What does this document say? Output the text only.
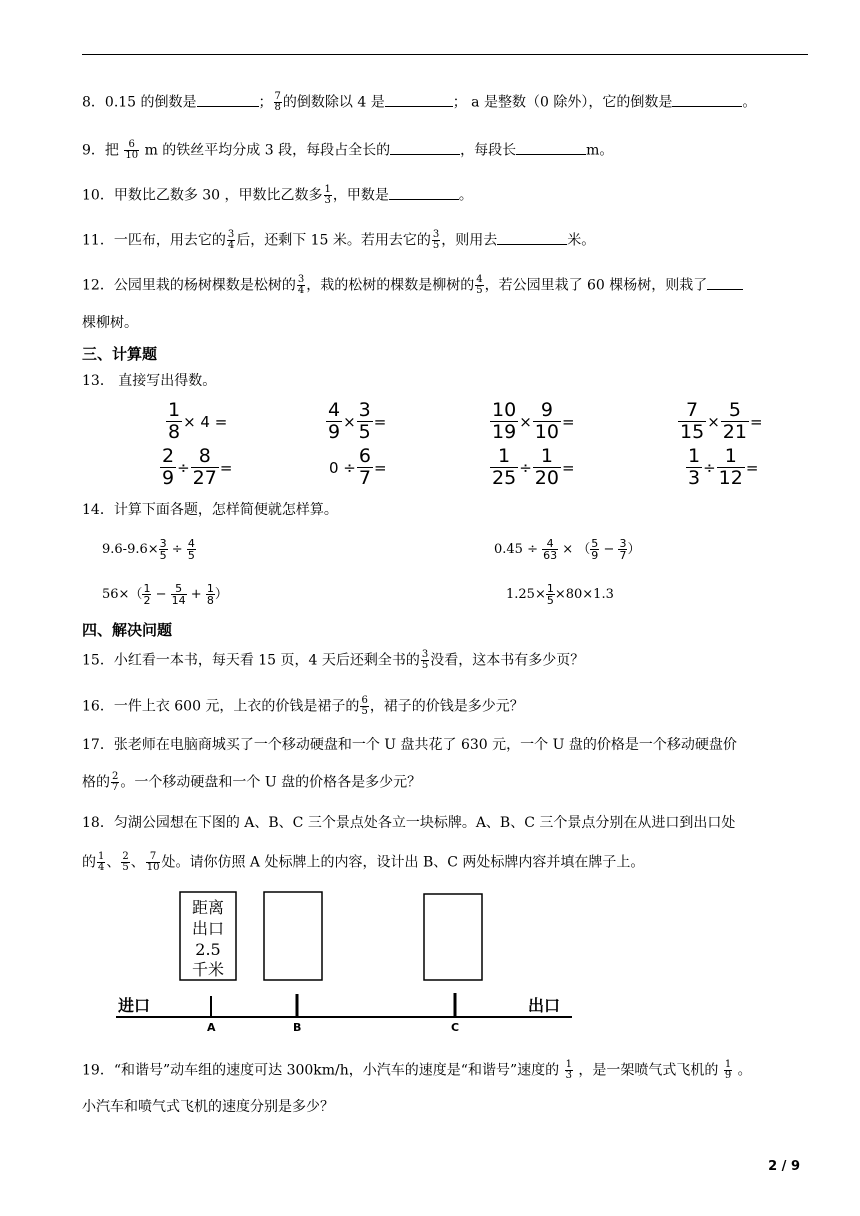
8．0.15 的倒数是	； $\frac{7}{8}$ 的倒数除以 4 是	； a 是整数（0 除外），它的倒数是	。
9．把 $\frac{6}{10}$ m 的铁丝平均分成 3 段，每段占全长的	，每段长	m。
10．甲数比乙数多 30 ，甲数比乙数多 $\frac{1}{3}$ ，甲数是	。
11．一匹布，用去它的 $\frac{3}{4}$ 后，还剩下 15 米。若用去它的 $\frac{3}{5}$ ，则用去	米。
12．公园里栽的杨树棵数是松树的 $\frac{3}{4}$ ，栽的松树的棵数是柳树的 $\frac{4}{5}$ ，若公园里栽了 60 棵杨树，则栽了
棵柳树。
三、计算题
13． 直接写出得数。
$\frac{1}{8} \times 4$ =	$\frac{4}{9} \times \frac{3}{5}$ =	$\frac{10}{19} \times \frac{9}{10}$ =	$\frac{7}{15} \times \frac{5}{21}$ =
$\frac{2}{9} \div \frac{8}{27}$ =	$0 \div \frac{6}{7}$ =	$\frac{1}{25} \div \frac{1}{20}$ =	$\frac{1}{3} \div \frac{1}{12}$ =
14．计算下面各题，怎样简便就怎样算。
$9.6-9.6\times \frac{3}{5} \div \frac{4}{5}$	$0.45 \div \frac{4}{63}$ × （ $\frac{5}{9} - \frac{3}{7}$ ）
$56\times( \frac{1}{2} - \frac{5}{14} + \frac{1}{8}$ ）	$1.25\times \frac{1}{5} \times 80\times 1.3$
四、解决问题
15．小红看一本书，每天看 15 页，4 天后还剩全书的 $\frac{3}{5}$ 没看，这本书有多少页？
16．一件上衣 600 元，上衣的价钱是裙子的 $\frac{6}{5}$ ，裙子的价钱是多少元？
17．张老师在电脑商城买了一个移动硬盘和一个 U 盘共花了 630 元，一个 U 盘的价格是一个移动硬盘价
格的 $\frac{2}{7}$ 。一个移动硬盘和一个 U 盘的价格各是多少元？
18．匀湖公园想在下图的 A、B、C 三个景点处各立一块标牌。A、B、C 三个景点分别在从进口到出口处
的 $\frac{1}{4}$ 、 $\frac{2}{5}$ 、 $\frac{7}{10}$ 处。请你仿照 A 处标牌上的内容，设计出 B、C 两处标牌内容并填在牌子上。
距离
出口
2.5
千米
进口	出口
A	B	C
19．“和谐号”动车组的速度可达 300km/h，小汽车的速度是“和谐号”速度的 $\frac{1}{3}$ ，是一架喷气式飞机的 $\frac{1}{9}$ 。
小汽车和喷气式飞机的速度分别是多少？
2 / 9
